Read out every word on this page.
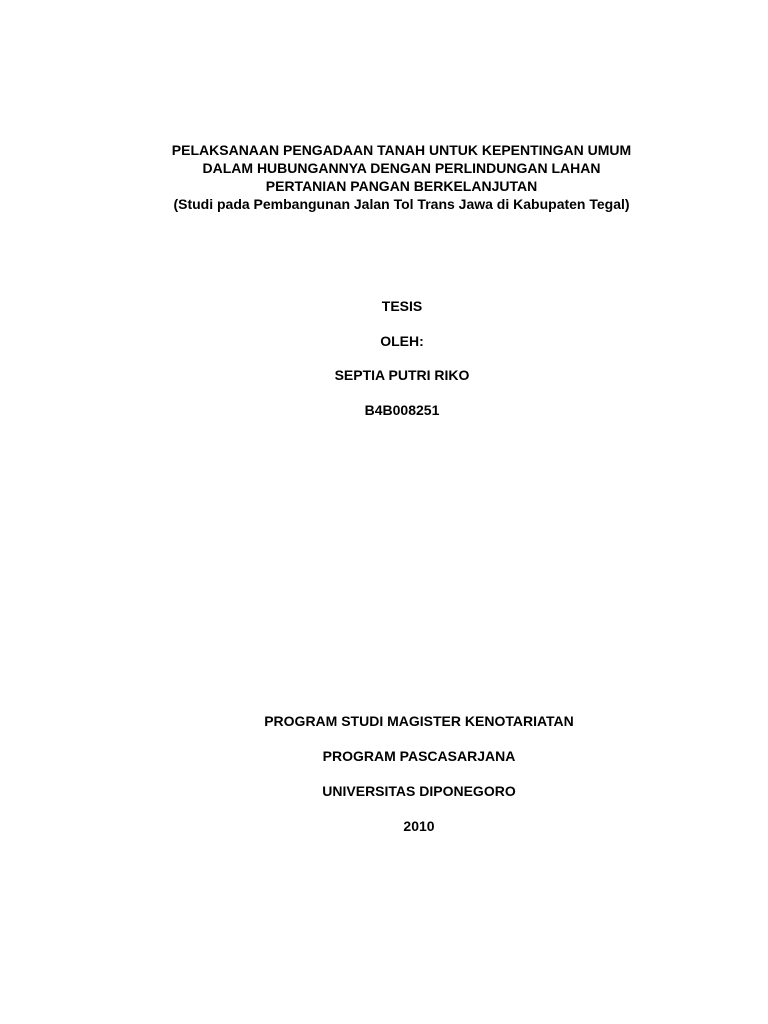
PELAKSANAAN PENGADAAN TANAH UNTUK KEPENTINGAN UMUM
DALAM HUBUNGANNYA DENGAN PERLINDUNGAN LAHAN
PERTANIAN PANGAN BERKELANJUTAN
(Studi pada Pembangunan Jalan Tol Trans Jawa di Kabupaten Tegal)
TESIS
OLEH:
SEPTIA PUTRI RIKO
B4B008251
PROGRAM STUDI MAGISTER KENOTARIATAN
PROGRAM PASCASARJANA
UNIVERSITAS DIPONEGORO
2010
